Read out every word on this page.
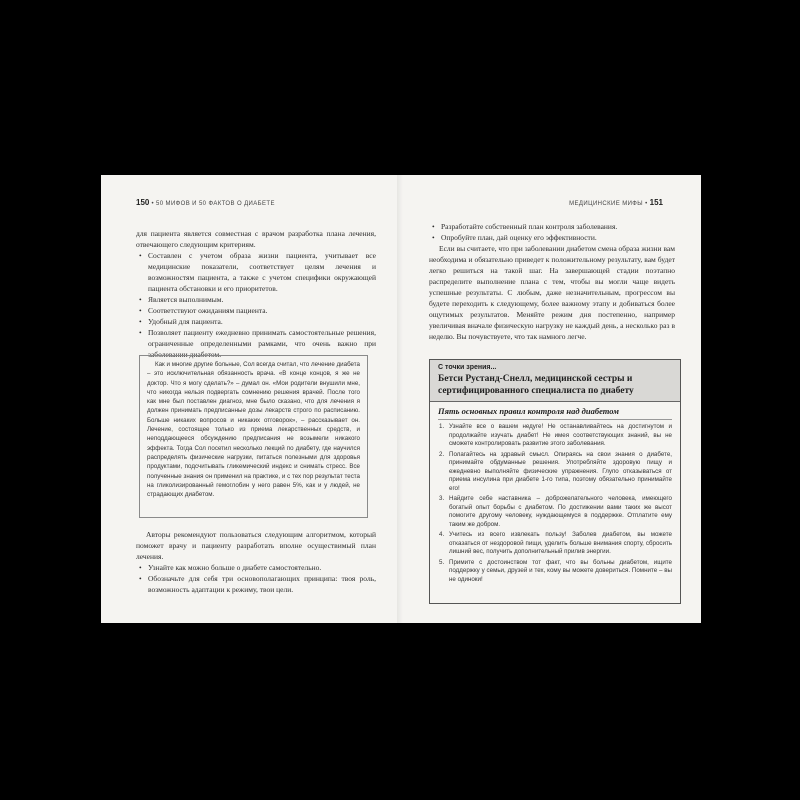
150 • 50 МИФОВ И 50 ФАКТОВ О ДИАБЕТЕ

для пациента является совместная с врачом разработка плана лечения, отвечающего следующим критериям.

• Составлен с учетом образа жизни пациента, учитывает все медицинские показатели, соответствует целям лечения и возможностям пациента, а также с учетом специфики окружающей пациента обстановки и его приоритетов.
• Является выполнимым.
• Соответствуют ожиданиям пациента.
• Удобный для пациента.
• Позволяет пациенту ежедневно принимать самостоятельные решения, ограниченные определенными рамками, что очень важно при заболевании диабетом.

Как и многие другие больные, Сол всегда считал, что лечение диабета – это исключительная обязанность врача. «В конце концов, я же не доктор. Что я могу сделать?» – думал он. «Мои родители внушили мне, что никогда нельзя подвергать сомнению решения врачей. После того как мне был поставлен диагноз, мне было сказано, что для лечения я должен принимать предписанные дозы лекарств строго по расписанию. Больше никаких вопросов и никаких отговорок», – рассказывает он. Лечение, состоящее только из приема лекарственных средств, и неподдающееся обсуждению предписания не возымели никакого эффекта. Тогда Сол посетил несколько лекций по диабету, где научился распределять физические нагрузки, питаться полезными для здоровья продуктами, подсчитывать гликемический индекс и снимать стресс. Все полученные знания он применил на практике, и с тех пор результат теста на гликолизированный гемоглобин у него равен 5%, как и у людей, не страдающих диабетом.

Авторы рекомендуют пользоваться следующим алгоритмом, который поможет врачу и пациенту разработать вполне осуществимый план лечения.

• Узнайте как можно больше о диабете самостоятельно.
• Обозначьте для себя три основополагающих принципа: твоя роль, возможность адаптации к режиму, твои цели.
МЕДИЦИНСКИЕ МИФЫ • 151
• Разработайте собственный план контроля заболевания.
• Опробуйте план, дай оценку его эффективности.

Если вы считаете, что при заболевании диабетом смена образа жизни вам необходима и обязательно приведет к положительному результату, вам будет легко решиться на такой шаг. На завершающей стадии поэтапно распределите выполнение плана с тем, чтобы вы могли чаще видеть успешные результаты. С любым, даже незначительным, прогрессом вы будете переходить к следующему, более важному этапу и добиваться более ощутимых результатов. Меняйте режим дня постепенно, например увеличивая вначале физическую нагрузку не каждый день, а несколько раз в неделю. Вы почувствуете, что так намного легче.

С точки зрения...
Бетси Рустанд-Снелл, медицинской сестры и сертифицированного специалиста по диабету
Пять основных правил контроля над диабетом
1. Узнайте все о вашем недуге! Не останавливайтесь на достигнутом и продолжайте изучать диабет! Не имея соответствующих знаний, вы не сможете контролировать развитие этого заболевания.
2. Полагайтесь на здравый смысл. Опираясь на свои знания о диабете, принимайте обдуманные решения. Употребляйте здоровую пищу и ежедневно выполняйте физические упражнения. Глупо отказываться от приема инсулина при диабете 1-го типа, поэтому обязательно принимайте его!
3. Найдите себе наставника – доброжелательного человека, имеющего богатый опыт борьбы с диабетом. По достижении вами таких же высот помогите другому человеку, нуждающемуся в поддержке. Отплатите ему таким же добром.
4. Учитесь из всего извлекать пользу! Заболев диабетом, вы можете отказаться от нездоровой пищи, уделить больше внимания спорту, сбросить лишний вес, получить дополнительный прилив энергии.
5. Примите с достоинством тот факт, что вы больны диабетом, ищите поддержку у семьи, друзей и тех, кому вы можете довериться. Помните – вы не одиноки!
